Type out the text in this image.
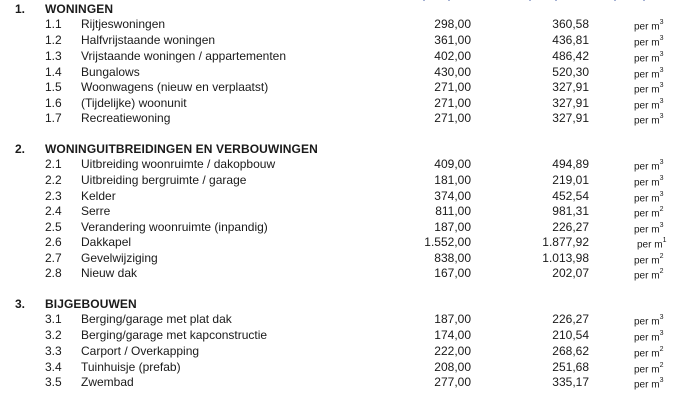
1. WONINGEN
1.1 Rijtjeswoningen	298,00	360,58	per $m^3$
1.2 Halfvrijstaande woningen	361,00	436,81	per $m^3$
1.3 Vrijstaande woningen / appartementen	402,00	486,42	per $m^3$
1.4 Bungalows	430,00	520,30	per $m^3$
1.5 Woonwagens (nieuw en verplaatst)	271,00	327,91	per $m^3$
1.6 (Tijdelijke) woonunit	271,00	327,91	per $m^3$
1.7 Recreatiewoning	271,00	327,91	per $m^3$
2. WONINGUITBREIDINGEN EN VERBOUWINGEN
2.1 Uitbreiding woonruimte / dakopbouw	409,00	494,89	per $m^3$
2.2 Uitbreiding bergruimte / garage	181,00	219,01	per $m^3$
2.3 Kelder	374,00	452,54	per $m^3$
2.4 Serre	811,00	981,31	per $m^2$
2.5 Verandering woonruimte (inpandig)	187,00	226,27	per $m^3$
2.6 Dakkapel	1.552,00	1.877,92	per $m^1$
2.7 Gevelwijziging	838,00	1.013,98	per $m^2$
2.8 Nieuw dak	167,00	202,07	per $m^2$
3. BIJGEBOUWEN
3.1 Berging/garage met plat dak	187,00	226,27	per $m^3$
3.2 Berging/garage met kapconstructie	174,00	210,54	per $m^3$
3.3 Carport / Overkapping	222,00	268,62	per $m^2$
3.4 Tuinhuisje (prefab)	208,00	251,68	per $m^2$
3.5 Zwembad	277,00	335,17	per $m^3$
